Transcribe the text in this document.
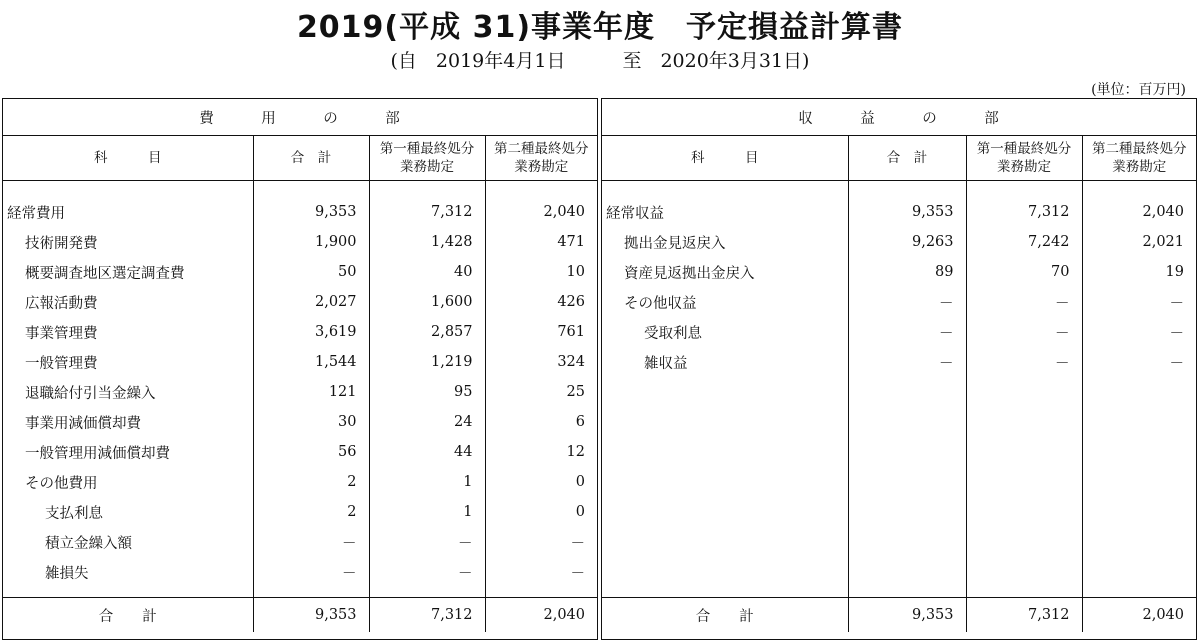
2019(平成 31)事業年度　予定損益計算書
(自　2019年4月1日　　　至　2020年3月31日)
(単位：百万円)
費　　　用　　　の　　　部			
科　　　目	合　計	第一種最終処分業務勘定	第二種最終処分業務勘定

経常費用	9,353	7,312	2,040
技術開発費	1,900	1,428	471
概要調査地区選定調査費	50	40	10
広報活動費	2,027	1,600	426
事業管理費	3,619	2,857	761
一般管理費	1,544	1,219	324
退職給付引当金繰入	121	95	25
事業用減価償却費	30	24	6
一般管理用減価償却費	56	44	12
その他費用	2	1	0
支払利息	2	1	0
積立金繰入額	－	－	－
雑損失	－	－	－

合　　計	9,353	7,312	2,040
収　　　益　　　の　　　部			
科　　　目	合　計	第一種最終処分業務勘定	第二種最終処分業務勘定

経常収益	9,353	7,312	2,040
拠出金見返戻入	9,263	7,242	2,021
資産見返拠出金戻入	89	70	19
その他収益	－	－	－
受取利息	－	－	－
雑収益	－	－	－

合　　計	9,353	7,312	2,040
